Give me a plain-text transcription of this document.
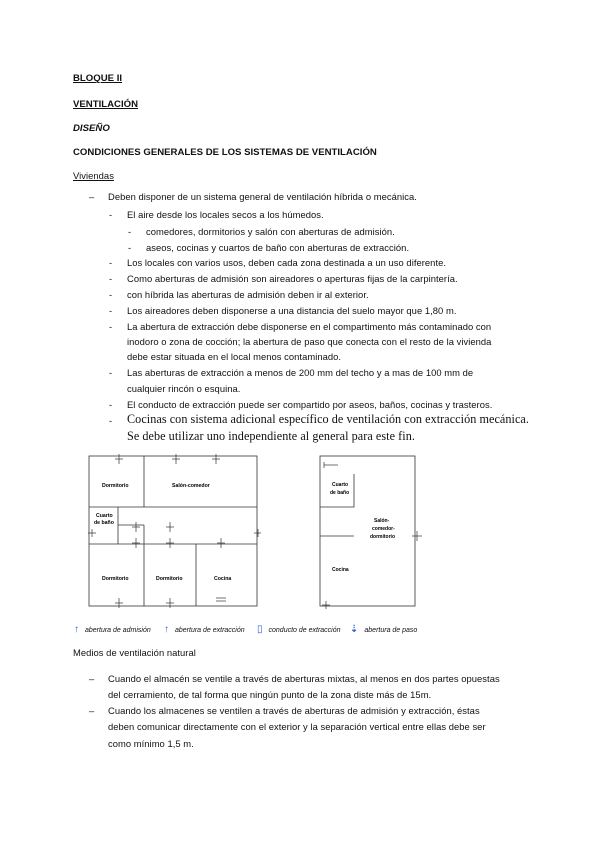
BLOQUE II
VENTILACIÓN
DISEÑO
CONDICIONES GENERALES DE LOS SISTEMAS DE VENTILACIÓN
Viviendas
– Deben disponer de un sistema general de ventilación híbrida o mecánica.
- El aire desde los locales secos a los húmedos.
- comedores, dormitorios y salón con aberturas de admisión.
- aseos, cocinas y cuartos de baño con aberturas de extracción.
- Los locales con varios usos, deben cada zona destinada a un uso diferente.
- Como aberturas de admisión son aireadores o aperturas fijas de la carpintería.
- con híbrida las aberturas de admisión deben ir al exterior.
- Los aireadores deben disponerse a una distancia del suelo mayor que 1,80 m.
- La abertura de extracción debe disponerse en el compartimento más contaminado con
inodoro o zona de cocción; la abertura de paso que conecta con el resto de la vivienda
debe estar situada en el local menos contaminado.
- Las aberturas de extracción a menos de 200 mm del techo y a mas de 100 mm de
cualquier rincón o esquina.
- El conducto de extracción puede ser compartido por aseos, baños, cocinas y trasteros.
- Cocinas con sistema adicional específico de ventilación con extracción mecánica.
Se debe utilizar uno independiente al general para este fin.
Dormitorio	Salón-comedor
Cuarto
de baño
Dormitorio	Dormitorio	Cocina
Cuarto
de baño
Salón-
comedor-
dormitorio
Cocina
↑ abertura de admisión ↑ abertura de extracción ▯ conducto de extracción ⇣ abertura de paso
Medios de ventilación natural
– Cuando el almacén se ventile a través de aberturas mixtas, al menos en dos partes opuestas
del cerramiento, de tal forma que ningún punto de la zona diste más de 15m.
– Cuando los almacenes se ventilen a través de aberturas de admisión y extracción, éstas
deben comunicar directamente con el exterior y la separación vertical entre ellas debe ser
como mínimo 1,5 m.
